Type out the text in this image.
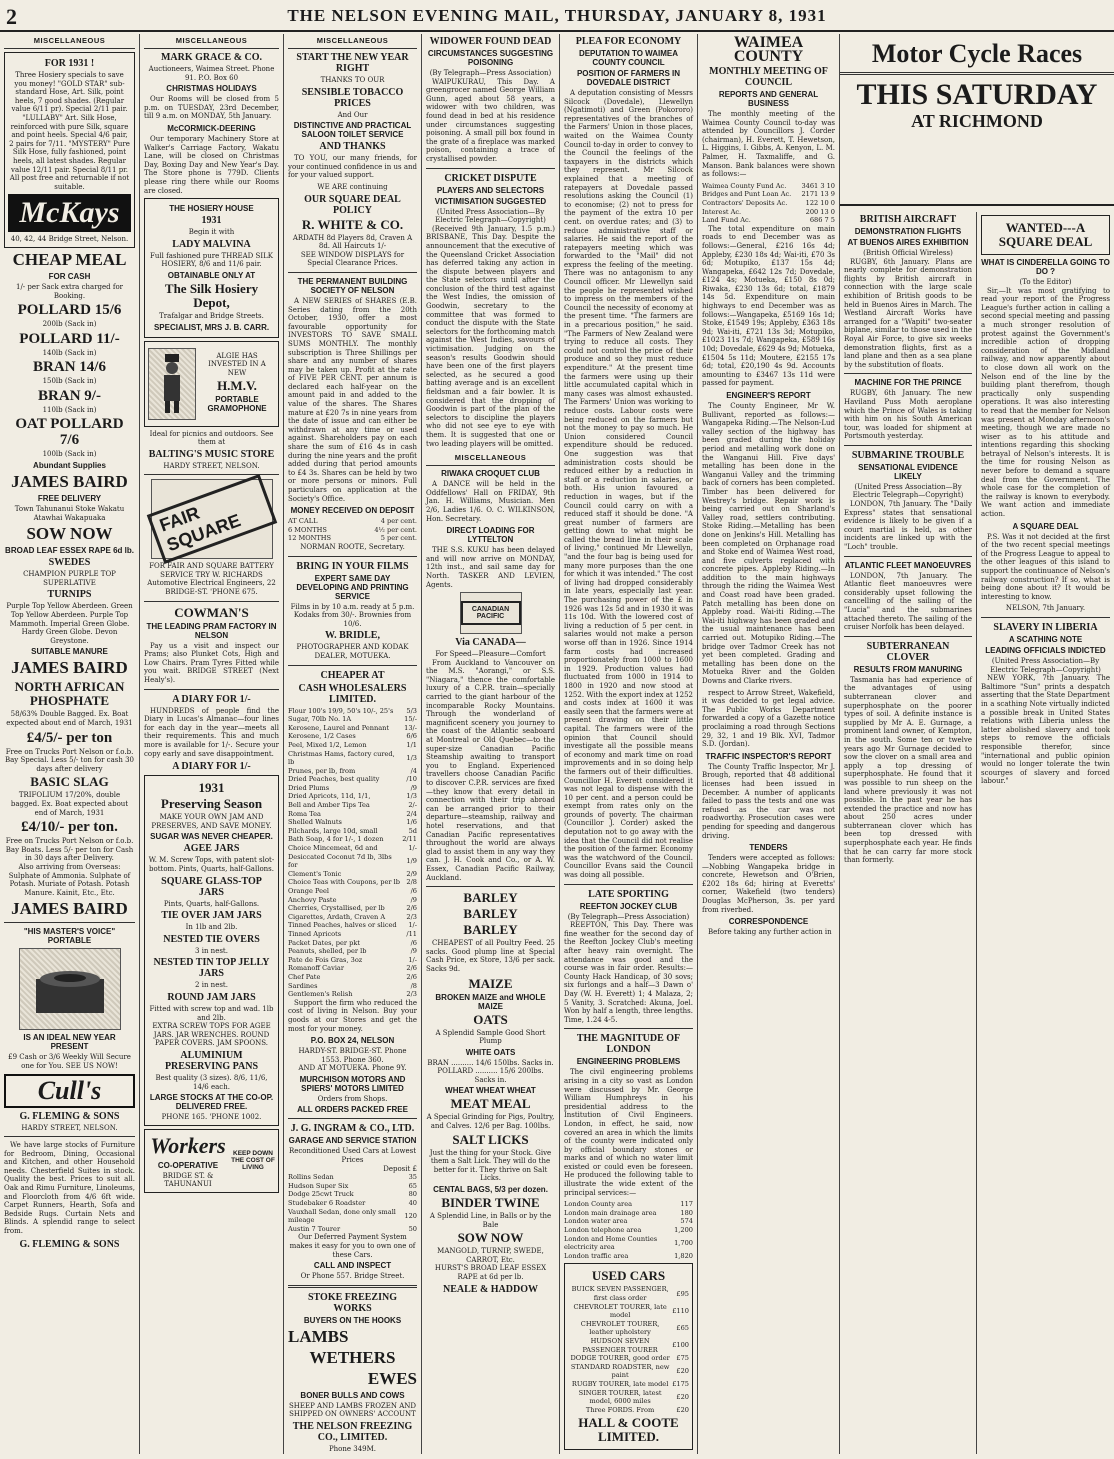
2	THE NELSON EVENING MAIL, THURSDAY, JANUARY 8, 1931
MISCELLANEOUS
FOR 1931 !
Three Hosiery specials to save you money! "GOLD STAR" sub-standard Hose, Art. Silk, point heels, 7 good shades. (Regular value 6/11 pr). Special 2/11 pair. "LULLABY" Art. Silk Hose, reinforced with pure Silk, square and point heels. Special 4/6 pair, 2 pairs for 7/11. "MYSTERY" Pure Silk Hose, fully fashioned, point heels, all latest shades. Regular value 12/11 pair. Special 8/11 pr. All post free and returnable if not suitable.
McKays
40, 42, 44 Bridge Street, Nelson.
CHEAP MEAL
FOR CASH
1/- per Sack extra charged for Booking.
POLLARD 15/6
200lb (Sack in)
POLLARD 11/-
140lb (Sack in)
BRAN 14/6
150lb (Sack in)
BRAN 9/-
110lb (Sack in)
OAT POLLARD 7/6
100lb (Sack in)
Abundant Supplies
JAMES BAIRD
FREE DELIVERY
Town Tahunanui Stoke Wakatu Atawhai Wakapuaka
SOW NOW
BROAD LEAF ESSEX RAPE 6d lb.
SWEDES
CHAMPION PURPLE TOP SUPERLATIVE
TURNIPS
Purple Top Yellow Aberdeen. Green Top Yellow Aberdeen. Purple Top Mammoth. Imperial Green Globe. Hardy Green Globe. Devon Greystone.
SUITABLE MANURE
JAMES BAIRD
NORTH AFRICAN PHOSPHATE
58/63% Double Bagged. Ex. Boat expected about end of March, 1931
£4/5/- per ton
Free on Trucks Port Nelson or f.o.b. Bay Special. Less 5/- ton for cash 30 days after delivery
BASIC SLAG
TRIFOLIUM 17/20%, double bagged. Ex. Boat expected about end of March, 1931
£4/10/- per ton.
Free on Trucks Port Nelson or f.o.b. Bay Boats. Less 5/- per ton for Cash in 30 days after Delivery.
Also arriving from Overseas: Sulphate of Ammonia. Sulphate of Potash. Muriate of Potash. Potash Manure. Kainit, Etc., Etc.
JAMES BAIRD
"HIS MASTER'S VOICE" PORTABLE
IS AN IDEAL NEW YEAR PRESENT
£9 Cash or 3/6 Weekly Will Secure one for You. SEE US NOW!
Cull's
G. FLEMING & SONS
HARDY STREET, NELSON.
We have large stocks of Furniture for Bedroom, Dining, Occasional and Kitchen, and other Household needs. Chesterfield Suites in stock. Quality the best. Prices to suit all. Oak and Rimu Furniture, Linoleums, and Floorcloth from 4/6 6ft wide. Carpet Runners, Hearth, Sofa and Bedside Rugs. Curtain Nets and Blinds. A splendid range to select from.
G. FLEMING & SONS
MISCELLANEOUS
MARK GRACE & CO.
Auctioneers, Waimea Street. Phone 91. P.O. Box 60
CHRISTMAS HOLIDAYS
Our Rooms will be closed from 5 p.m. on TUESDAY, 23rd December, till 9 a.m. on MONDAY, 5th January.
McCORMICK-DEERING
Our temporary Machinery Store at Walker's Carriage Factory, Wakatu Lane, will be closed on Christmas Day, Boxing Day and New Year's Day. The Store phone is 779D. Clients please ring there while our Rooms are closed.
THE HOSIERY HOUSE
1931
Begin it with
LADY MALVINA
Full fashioned pure THREAD SILK HOSIERY, 8/6 and 11/6 pair.
OBTAINABLE ONLY AT
The Silk Hosiery Depot,
Trafalgar and Bridge Streets.
SPECIALIST, MRS J. B. CARR.
ALGIE HAS INVESTED IN A NEW
H.M.V.
PORTABLE GRAMOPHONE
Ideal for picnics and outdoors. See them at
BALTING'S MUSIC STORE
HARDY STREET, NELSON.
FAIR SQUARE
FOR FAIR AND SQUARE BATTERY SERVICE TRY W. RICHARDS Automotive Electrical Engineers, 22 BRIDGE-ST. 'PHONE 675.
COWMAN'S
THE LEADING PRAM FACTORY IN NELSON
Pay us a visit and inspect our Prams; also Plunket Cots, High and Low Chairs. Pram Tyres Fitted while you wait. BRIDGE STREET (Next Healy's).
A DIARY FOR 1/-
HUNDREDS of people find the Diary in Lucas's Almanac—four lines for each day in the year—meets all their requirements. This and much more is available for 1/-. Secure your copy early and save disappointment.
A DIARY FOR 1/-
1931
Preserving Season
MAKE YOUR OWN JAM AND PRESERVES, AND SAVE MONEY.
SUGAR WAS NEVER CHEAPER.
AGEE JARS
W. M. Screw Tops, with patent slot-bottom. Pints, Quarts, half-Gallons.
SQUARE GLASS-TOP JARS
Pints, Quarts, half-Gallons.
TIE OVER JAM JARS
In 1lb and 2lb.
NESTED TIE OVERS
3 in nest.
NESTED TIN TOP JELLY JARS
2 in nest.
ROUND JAM JARS
Fitted with screw top and wad. 1lb and 2lb.
EXTRA SCREW TOPS FOR AGEE JARS. JAR WRENCHES. ROUND PAPER COVERS. JAM SPOONS.
ALUMINIUM PRESERVING PANS
Best quality (3 sizes). 8/6, 11/6, 14/6 each.
LARGE STOCKS AT THE CO-OP. DELIVERED FREE.
PHONE 165. 'PHONE 1002.
Workers
CO-OPERATIVE
BRIDGE ST. & TAHUNANUI
KEEP DOWN THE COST OF LIVING
MISCELLANEOUS
START THE NEW YEAR RIGHT
THANKS TO OUR
SENSIBLE TOBACCO PRICES
And Our
DISTINCTIVE AND PRACTICAL SALOON TOILET SERVICE
AND THANKS
TO YOU, our many friends, for your continued confidence in us and for your valued support.
WE ARE continuing
OUR SQUARE DEAL POLICY
R. WHITE & CO.
ARDATH 8d Players 8d, Craven A 8d. All Haircuts 1/-
SEE WINDOW DISPLAYS for Special Clearance Prices.
THE PERMANENT BUILDING SOCIETY OF NELSON
A NEW SERIES of SHARES (E.B. Series dating from the 20th October, 1930, offer a most favourable opportunity for INVESTORS TO SAVE SMALL SUMS MONTHLY. The monthly subscription is Three Shillings per share and any number of shares may be taken up. Profit at the rate of FIVE PER CENT. per annum is declared each half-year on the amount paid in and added to the value of the shares. The Shares mature at £20 7s in nine years from the date of issue and can either be withdrawn at any time or used against. Shareholders pay on each share the sum of £16 4s in cash during the nine years and the profit added during that period amounts to £4 3s. Shares can be held by two or more persons or minors. Full particulars on application at the Society's Office.
MONEY RECEIVED ON DEPOSIT
AT CALL	4 per cent.
6 MONTHS	4½ per cent.
12 MONTHS	5 per cent.
NORMAN ROOTE, Secretary.
BRING IN YOUR FILMS
EXPERT SAME DAY DEVELOPING AND PRINTING SERVICE
Films in by 10 a.m. ready at 5 p.m. Kodaks from 30/-. Brownies from 10/6.
W. BRIDLE,
PHOTOGRAPHER AND KODAK DEALER, MOTUEKA.
CHEAPER AT
CASH WHOLESALERS LIMITED.
Flour 100's 19/9, 50's 10/-, 25's	5/3
Sugar, 70lb No. 1A	15/-
Kerosene, Laurel and Pennant	13/-
Kerosene, 1/2 Cases	6/6
Peel, Mixed 1/2, Lemon	1/1
Christmas Hams, factory cured, lb	1/3
Prunes, per lb, from	/4
Dried Peaches, best quality	/10
Dried Plums	/9
Dried Apricots, 11d, 1/1,	1/3
Bell and Amber Tips Tea	2/-
Roma Tea	2/4
Shelled Walnuts	1/6
Pilchards, large 10d, small	5d
Bath Soap, 4 for 1/-, 1 dozen	2/11
Choice Mincemeat, 6d and	1/-
Desiccated Coconut 7d lb, 3lbs for	1/9
Clement's Tonic	2/9
Choice Teas with Coupons, per lb	2/8
Orange Peel	/6
Anchovy Paste	/9
Cherries, Crystallised, per lb	2/6
Cigarettes, Ardath, Craven A	2/3
Tinned Peaches, halves or sliced	1/-
Tinned Apricots	/11
Packet Dates, per pkt	/6
Peanuts, shelled, per lb	/9
Pate de Fois Gras, 3oz	1/-
Romanoff Caviar	2/6
Chef Pate	2/6
Sardines	/8
Gentlemen's Relish	2/3
Support the firm who reduced the cost of living in Nelson. Buy your goods at our Stores and get the most for your money.
P.O. BOX 24, NELSON
HARDY-ST. BRIDGE-ST. Phone 1553. Phone 360.
AND AT MOTUEKA. Phone 9Y.
MURCHISON MOTORS AND SPIERS' MOTORS LIMITED
Orders from Shops.
ALL ORDERS PACKED FREE
J. G. INGRAM & CO., LTD.
GARAGE AND SERVICE STATION
Reconditioned Used Cars at Lowest Prices
Deposit £
Rollins Sedan	35
Hudson Super Six	65
Dodge 25cwt Truck	80
Studebaker 6 Roadster	40
Vauxhall Sedan, done only small mileage	120
Austin 7 Tourer	50
Our Deferred Payment System makes it easy for you to own one of these Cars.
CALL AND INSPECT
Or Phone 557. Bridge Street.
STOKE FREEZING WORKS
BUYERS ON THE HOOKS
LAMBS
WETHERS
EWES
BONER BULLS AND COWS
SHEEP AND LAMBS FROZEN AND SHIPPED ON OWNERS' ACCOUNT
THE NELSON FREEZING CO., LIMITED.
Phone 349M.
WIDOWER FOUND DEAD
CIRCUMSTANCES SUGGESTING POISONING
(By Telegraph—Press Association)
WAIPUKURAU, This Day. A greengrocer named George William Gunn, aged about 58 years, a widower with two children, was found dead in bed at his residence under circumstances suggesting poisoning. A small pill box found in the grate of a fireplace was marked poison, containing a trace of crystallised powder.
CRICKET DISPUTE
PLAYERS AND SELECTORS
VICTIMISATION SUGGESTED
(United Press Association—By Electric Telegraph—Copyright)
(Received 9th January, 1.5 p.m.) BRISBANE, This Day. Despite the announcement that the executive of the Queensland Cricket Association has deferred taking any action in the dispute between players and the State selectors until after the conclusion of the third test against the West Indies, the omission of Goodwin, secretary to the committee that was formed to conduct the dispute with the State selectors for the forthcoming match against the West Indies, savours of victimisation. Judging on the season's results Goodwin should have been one of the first players selected, as he secured a good batting average and is an excellent fieldsman and a fair bowler. It is considered that the dropping of Goodwin is part of the plan of the selectors to discipline the players who did not see eye to eye with them. It is suggested that one or two leading players will be omitted.
MISCELLANEOUS
RIWAKA CROQUET CLUB
A DANCE will be held in the Oddfellows' Hall on FRIDAY, 9th Jan. H. Williams, Musician. Men 2/6, Ladies 1/6. O. C. WILKINSON, Hon. Secretary.
DIRECT LOADING FOR LYTTELTON
THE S.S. KUKU has been delayed and will now arrive on MONDAY, 12th inst., and sail same day for North. TASKER AND LEVIEN, Agents.
CANADIAN PACIFIC
Via CANADA—
For Speed—Pleasure—Comfort
From Auckland to Vancouver on the M.S. "Aorangi," or S.S. "Niagara," thence the comfortable luxury of a C.P.R. train—specially carried to the giant harbour of the incomparable Rocky Mountains. Through the wonderland of magnificent scenery you journey to the coast of the Atlantic seaboard at Montreal or Old Quebec—to the super-size Canadian Pacific Steamship awaiting to transport you to England. Experienced travellers choose Canadian Pacific to discover C.P.R. services are fixed—they know that every detail in connection with their trip abroad can be arranged prior to their departure—steamship, railway and hotel reservations, and that Canadian Pacific representatives throughout the world are always glad to assist them in any way they can. J. H. Cook and Co., or A. W. Essex, Canadian Pacific Railway, Auckland.
BARLEY
BARLEY
BARLEY
CHEAPEST of all Poultry Feed. 25 sacks. Good plump line at Special Cash Price, ex Store, 13/6 per sack. Sacks 9d.
MAIZE
BROKEN MAIZE and WHOLE MAIZE
OATS
A Splendid Sample Good Short Plump
WHITE OATS
BRAN .......... 14/6 150lbs. Sacks in. POLLARD .......... 15/6 200lbs. Sacks in.
WHEAT WHEAT WHEAT
MEAT MEAL
A Special Grinding for Pigs, Poultry, and Calves. 12/6 per Bag. 100lbs.
SALT LICKS
Just the thing for your Stock. Give them a Salt Lick. They will do the better for it. They thrive on Salt Licks.
CENTAL BAGS, 5/3 per dozen.
BINDER TWINE
A Splendid Line, in Balls or by the Bale
SOW NOW
MANGOLD, TURNIP, SWEDE, CARROT, Etc.
HURST'S BROAD LEAF ESSEX RAPE at 6d per lb.
NEALE & HADDOW
PLEA FOR ECONOMY
DEPUTATION TO WAIMEA COUNTY COUNCIL
POSITION OF FARMERS IN DOVEDALE DISTRICT
A deputation consisting of Messrs Silcock (Dovedale), Llewellyn (Ngatimoti) and Green (Pokororo) representatives of the branches of the Farmers' Union in those places, waited on the Waimea County Council to-day in order to convey to the Council the feelings of the taxpayers in the districts which they represent. Mr Silcock explained that a meeting of ratepayers at Dovedale passed resolutions asking the Council (1) to economise; (2) not to press for the payment of the extra 10 per cent. on overdue rates; and (3) to reduce administrative staff or salaries. He said the report of the ratepayers meeting which was forwarded to the "Mail" did not express the feeling of the meeting. There was no antagonism to any Council officer. Mr Llewellyn said the people he represented wished to impress on the members of the Council the necessity of economy at the present time. "The farmers are in a precarious position," he said. "The Farmers of New Zealand were trying to reduce all costs. They could not control the price of their produce and so they must reduce expenditure." At the present time the farmers were using up their little accumulated capital which in many cases was almost exhausted. The Farmers' Union was working to reduce costs. Labour costs were being reduced on the farmers but not the money to pay so much. He Union considered Council expenditure should be reduced. One suggestion was that administration costs should be reduced either by a reduction in staff or a reduction in salaries, or both. His union favoured a reduction in wages, but if the Council could carry on with a reduced staff it should be done. "A great number of farmers are getting down to what might be called the bread line in their scale of living," continued Mr Llewellyn, "and the four bag is being used for many more purposes than the one for which it was intended." The cost of living had dropped considerably in late years, especially last year. The purchasing power of the £ in 1926 was 12s 5d and in 1930 it was 11s 10d. With the lowered cost of living a reduction of 5 per cent. in salaries would not make a person worse off than in 1926. Since 1914 farm costs had increased proportionately from 1000 to 1600 in 1929. Production values had fluctuated from 1000 in 1914 to 1800 in 1920 and now stood at 1252. With the export index at 1252 and costs index at 1600 it was easily seen that the farmers were at present drawing on their little capital. The farmers were of the opinion that Council should investigate all the possible means of economy and mark time on road improvements and in so doing help the farmers out of their difficulties. Councillor H. Everett considered it was not legal to dispense with the 10 per cent. and a person could be exempt from rates only on the grounds of poverty. The chairman (Councillor J. Corder) asked the deputation not to go away with the idea that the Council did not realise the position of the farmer. Economy was the watchword of the Council. Councillor Evans said the Council was doing all possible.
LATE SPORTING
REEFTON JOCKEY CLUB
(By Telegraph—Press Association)
REEFTON, This Day. There was fine weather for the second day of the Reefton Jockey Club's meeting after heavy rain overnight. The attendance was good and the course was in fair order. Results:— County Hack Handicap, of 30 sovs; six furlongs and a half—3 Dawn o' Day (W. H. Everett) 1; 4 Malaza, 2; 5 Vanity, 3. Scratched: Akuna, Joel. Won by half a length, three lengths. Time, 1.24 4-5.
THE MAGNITUDE OF LONDON
ENGINEERING PROBLEMS
The civil engineering problems arising in a city so vast as London were discussed by Mr. George William Humphreys in his presidential address to the Institution of Civil Engineers. London, in effect, he said, now covered an area in which the limits of the county were indicated only by official boundary stones or marks and of which no water limit existed or could even be foreseen. He produced the following table to illustrate the wide extent of the principal services:—
London County area	117
London main drainage area	180
London water area	574
London telephone area	1,200
London and Home Counties electricity area	1,700
London traffic area	1,820
USED CARS
BUICK SEVEN PASSENGER, first class order	£95
CHEVROLET TOURER, late model	£110
CHEVROLET TOURER, leather upholstery	£65
HUDSON SEVEN PASSENGER TOURER	£100
DODGE TOURER, good order	£75
STANDARD ROADSTER, new paint	£20
RUGBY TOURER, late model	£175
SINGER TOURER, latest model, 6000 miles	£20
Three FORDS. From	£20
HALL & COOTE LIMITED.
WAIMEA COUNTY
MONTHLY MEETING OF COUNCIL
REPORTS AND GENERAL BUSINESS
The monthly meeting of the Waimea County Council to-day was attended by Councillors J. Corder (chairman), H. Everett, T. Hewetson, L. Higgins, I. Gibbs, A. Kenyon, L. M. Palmer, H. Taxmaliffe, and G. Manson. Bank balances were shown as follows:—
Waimea County Fund Ac.	3461 3 10
Bridges and Punt Loan Ac.	2171 13 9
Contractors' Deposits Ac.	122 10 0
Interest Ac.	200 13 0
Land Fund Ac.	686 7 5
The total expenditure on main roads to end December was as follows:—General, £216 16s 4d; Appleby, £230 18s 4d; Wai-iti, £70 3s 6d; Motupiko, £137 15s 4d; Wangapeka, £642 12s 7d; Dovedale, £124 4s; Motueka, £150 8s 0d; Riwaka, £230 13s 6d; total, £1879 14s 5d. Expenditure on main highways to end December was as follows:—Wangapeka, £5169 16s 1d; Stoke, £1549 19s; Appleby, £363 18s 9d; Wai-iti, £721 13s 3d; Motupiko, £1023 11s 7d; Wangapeka, £589 16s 10d; Dovedale, £629 4s 9d; Motueka, £1504 5s 11d; Moutere, £2155 17s 6d; total, £20,190 4s 9d. Accounts amounting to £3467 13s 11d were passed for payment.
ENGINEER'S REPORT
The County Engineer, Mr W. Bullivant, reported as follows:— Wangapeka Riding.—The Nelson-Lud valley section of the highway has been graded during the holiday period and metalling work done on the Wanganui Hill. Five days' metalling has been done in the Wanganui Valley and the trimming back of corners has been completed. Timber has been delivered for Westrey's bridge. Repair work is being carried out on Sharland's Valley road, settlers contributing. Stoke Riding.—Metalling has been done on Jenkins's Hill. Metalling has been completed on Orphanage road and Stoke end of Waimea West road, and five culverts replaced with concrete pipes. Appleby Riding.—In addition to the main highways through the riding the Waimea West and Coast road have been graded. Patch metalling has been done on Appleby road. Wai-iti Riding.—The Wai-iti highway has been graded and the usual maintenance has been carried out. Motupiko Riding.—The bridge over Tadmor Creek has not yet been completed. Grading and metalling has been done on the Motueka River and the Golden Downs and Clarke rivers.
respect to Arrow Street, Wakefield, it was decided to get legal advice. The Public Works Department forwarded a copy of a Gazette notice proclaiming a road through Sections 29, 32, 1 and 19 Blk. XVI, Tadmor S.D. (Jordan).
TRAFFIC INSPECTOR'S REPORT
The County Traffic Inspector, Mr J. Brough, reported that 48 additional licenses had been issued in December. A number of applicants failed to pass the tests and one was refused as the car was not roadworthy. Prosecution cases were pending for speeding and dangerous driving.
TENDERS
Tenders were accepted as follows:—Nobbing Wangapeka bridge in concrete, Hewetson and O'Brien, £202 18s 6d; hiring at Everetts' corner, Wakefield (two tenders) Douglas McPherson, 3s. per yard from riverbed.
CORRESPONDENCE
Before taking any further action in
BRITISH AIRCRAFT
DEMONSTRATION FLIGHTS
AT BUENOS AIRES EXHIBITION
(British Official Wireless)
RUGBY, 6th January. Plans are nearly complete for demonstration flights by British aircraft in connection with the large scale exhibition of British goods to be held in Buenos Aires in March. The Westland Aircraft Works have arranged for a "Wapiti" two-seater biplane, similar to those used in the Royal Air Force, to give six weeks demonstration flights, first as a land plane and then as a sea plane by the substitution of floats.
MACHINE FOR THE PRINCE
RUGBY, 6th January. The new Haviland Puss Moth aeroplane which the Prince of Wales is taking with him on his South American tour, was loaded for shipment at Portsmouth yesterday.
SUBMARINE TROUBLE
SENSATIONAL EVIDENCE LIKELY
(United Press Association—By Electric Telegraph—Copyright)
LONDON, 7th January. The "Daily Express" states that sensational evidence is likely to be given if a court martial is held, as other incidents are linked up with the "Loch" trouble.
ATLANTIC FLEET MANOEUVRES
LONDON, 7th January. The Atlantic fleet manoeuvres were considerably upset following the cancelling of the sailing of the "Lucia" and the submarines attached thereto. The sailing of the cruiser Norfolk has been delayed.
SUBTERRANEAN CLOVER
RESULTS FROM MANURING
Tasmania has had experience of the advantages of using subterranean clover and superphosphate on the poorer types of soil. A definite instance is supplied by Mr A. E. Gurnage, a prominent land owner, of Kempton, in the south. Some ten or twelve years ago Mr Gurnage decided to sow the clover on a small area and apply a top dressing of superphosphate. He found that it was possible to run sheep on the land where previously it was not possible. In the past year he has extended the practice and now has about 250 acres under subterranean clover which has been top dressed with superphosphate each year. He finds that he can carry far more stock than formerly.
Motor Cycle Races
THIS SATURDAY
AT RICHMOND
WANTED---A SQUARE DEAL
WHAT IS CINDERELLA GOING TO DO ?
(To the Editor)
Sir,—It was most gratifying to read your report of the Progress League's further action in calling a second special meeting and passing a much stronger resolution of protest against the Government's incredible action of dropping consideration of the Midland railway, and now apparently about to close down all work on the Nelson end of the line by the building plant therefrom, though practically only suspending operations. It was also interesting to read that the member for Nelson was present at Monday afternoon's meeting, though we are made no wiser as to his attitude and intentions regarding this shocking betrayal of Nelson's interests. It is the time for rousing Nelson as never before to demand a square deal from the Government. The whole case for the completion of the railway is known to everybody. We want action and immediate action.
A SQUARE DEAL
P.S. Was it not decided at the first of the two recent special meetings of the Progress League to appeal to the other leagues of this island to support the continuance of Nelson's railway construction? If so, what is being done about it? It would be interesting to know.
NELSON, 7th January.
SLAVERY IN LIBERIA
A SCATHING NOTE
LEADING OFFICIALS INDICTED
(United Press Association—By Electric Telegraph—Copyright)
NEW YORK, 7th January. The Baltimore "Sun" prints a despatch asserting that the State Department in a scathing Note virtually indicted a possible break in United States relations with Liberia unless the latter abolished slavery and took steps to remove the officials responsible therefor, since "international and public opinion would no longer tolerate the twin scourges of slavery and forced labour."
